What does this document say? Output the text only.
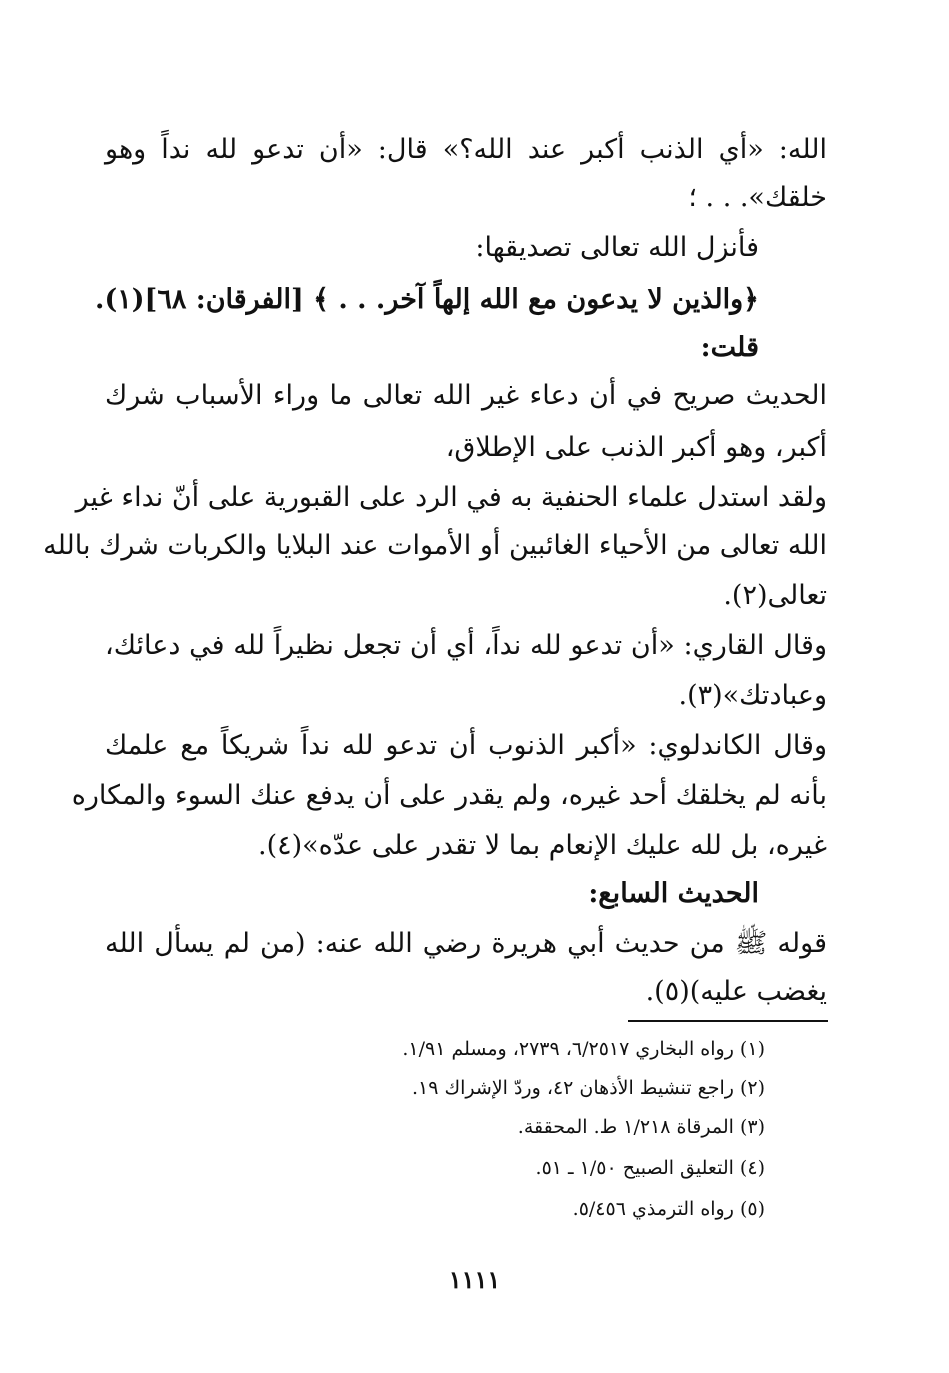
الله: «أي الذنب أكبر عند الله؟» قال: «أن تدعو لله نداً وهو
خلقك». . . ؛
فأنزل الله تعالى تصديقها:
﴿والذين لا يدعون مع الله إلهاً آخر. . . ﴾ [الفرقان: ٦٨](١).
قلت:
الحديث صريح في أن دعاء غير الله تعالى ما وراء الأسباب شرك
أكبر، وهو أكبر الذنب على الإطلاق،
ولقد استدل علماء الحنفية به في الرد على القبورية على أنّ نداء غير
الله تعالى من الأحياء الغائبين أو الأموات عند البلايا والكربات شرك بالله
تعالى(٢).
وقال القاري: «أن تدعو لله نداً، أي أن تجعل نظيراً لله في دعائك،
وعبادتك»(٣).
وقال الكاندلوي: «أكبر الذنوب أن تدعو لله نداً شريكاً مع علمك
بأنه لم يخلقك أحد غيره، ولم يقدر على أن يدفع عنك السوء والمكاره
غيره، بل لله عليك الإنعام بما لا تقدر على عدّه»(٤).
الحديث السابع:
قوله ﷺ من حديث أبي هريرة رضي الله عنه: (من لم يسأل الله
يغضب عليه)(٥).
(١) رواه البخاري ٦/٢٥١٧، ٢٧٣٩، ومسلم ١/٩١.
(٢) راجع تنشيط الأذهان ٤٢، وردّ الإشراك ١٩.
(٣) المرقاة ١/٢١٨ ط. المحققة.
(٤) التعليق الصبيح ١/٥٠ ـ ٥١.
(٥) رواه الترمذي ٥/٤٥٦.
١١١١
